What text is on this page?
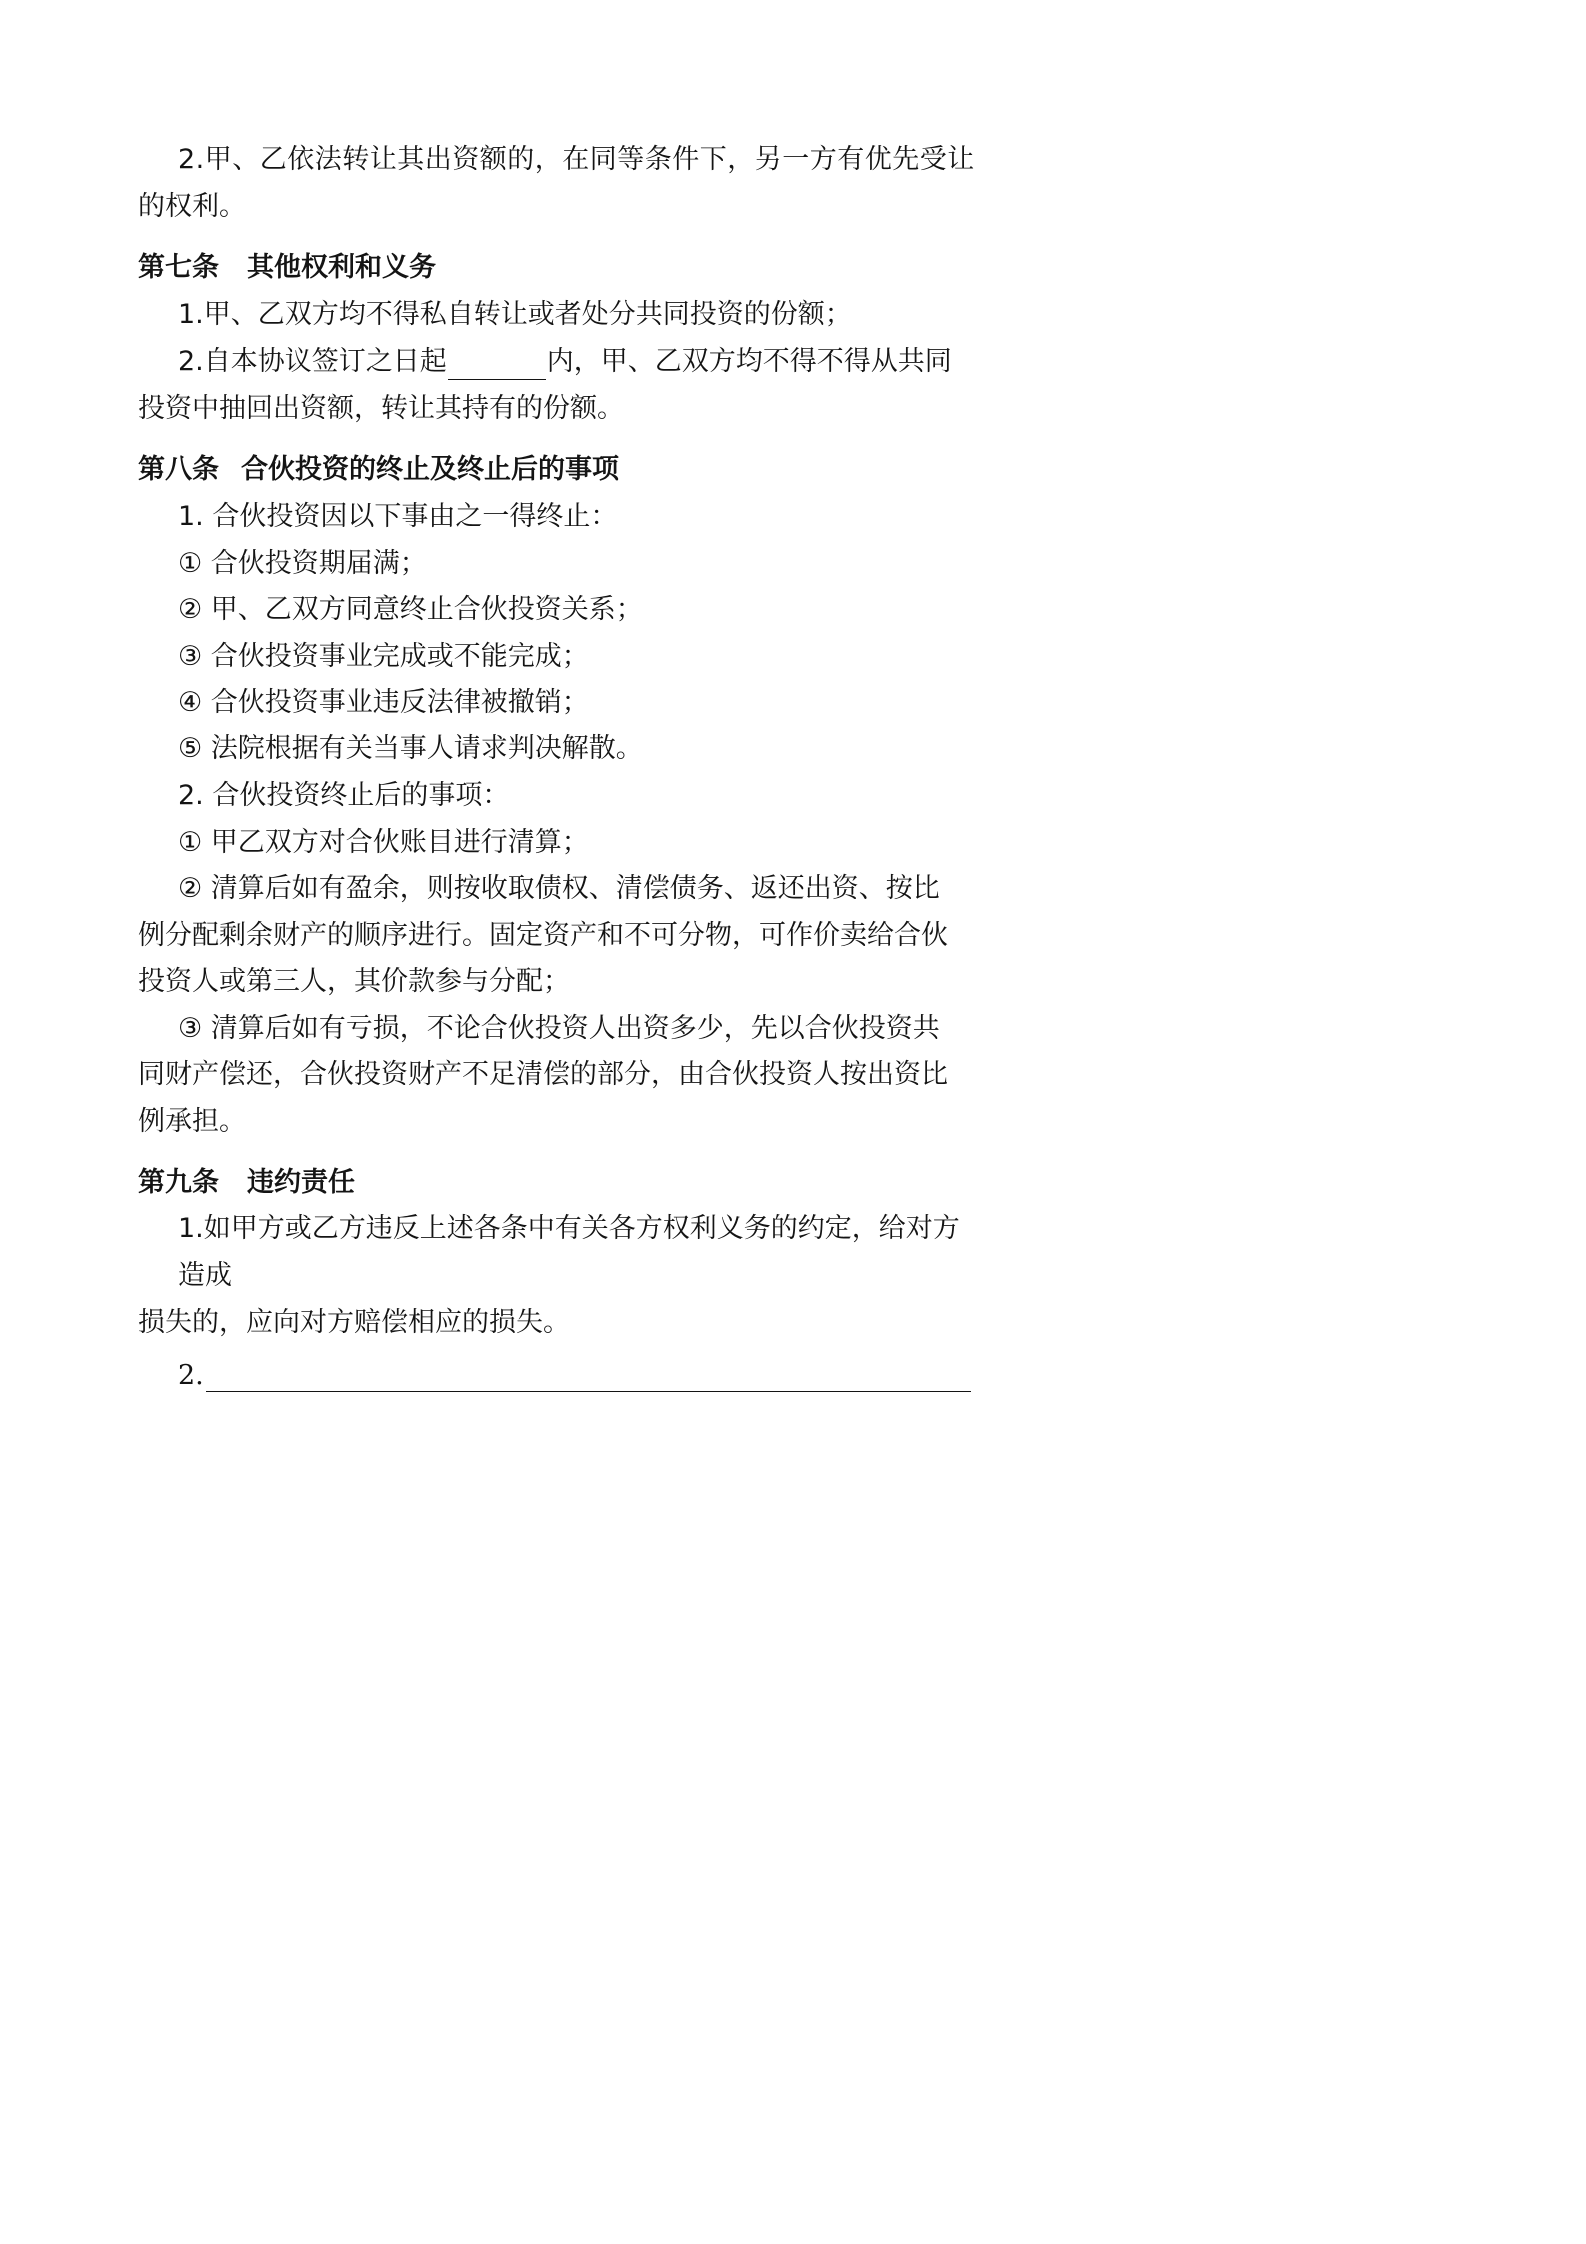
2.甲、乙依法转让其出资额的，在同等条件下，另一方有优先受让
的权利。
第七条 其他权利和义务
1.甲、乙双方均不得私自转让或者处分共同投资的份额；
2.自本协议签订之日起	内，甲、乙双方均不得不得从共同
投资中抽回出资额，转让其持有的份额。
第八条 合伙投资的终止及终止后的事项
1. 合伙投资因以下事由之一得终止：
① 合伙投资期届满；
② 甲、乙双方同意终止合伙投资关系；
③ 合伙投资事业完成或不能完成；
④ 合伙投资事业违反法律被撤销；
⑤ 法院根据有关当事人请求判决解散。
2. 合伙投资终止后的事项：
① 甲乙双方对合伙账目进行清算；
② 清算后如有盈余，则按收取债权、清偿债务、返还出资、按比
例分配剩余财产的顺序进行。固定资产和不可分物，可作价卖给合伙
投资人或第三人，其价款参与分配；
③ 清算后如有亏损，不论合伙投资人出资多少，先以合伙投资共
同财产偿还，合伙投资财产不足清偿的部分，由合伙投资人按出资比
例承担。
第九条 违约责任
1.如甲方或乙方违反上述各条中有关各方权利义务的约定，给对方
造成
损失的，应向对方赔偿相应的损失。
2.
